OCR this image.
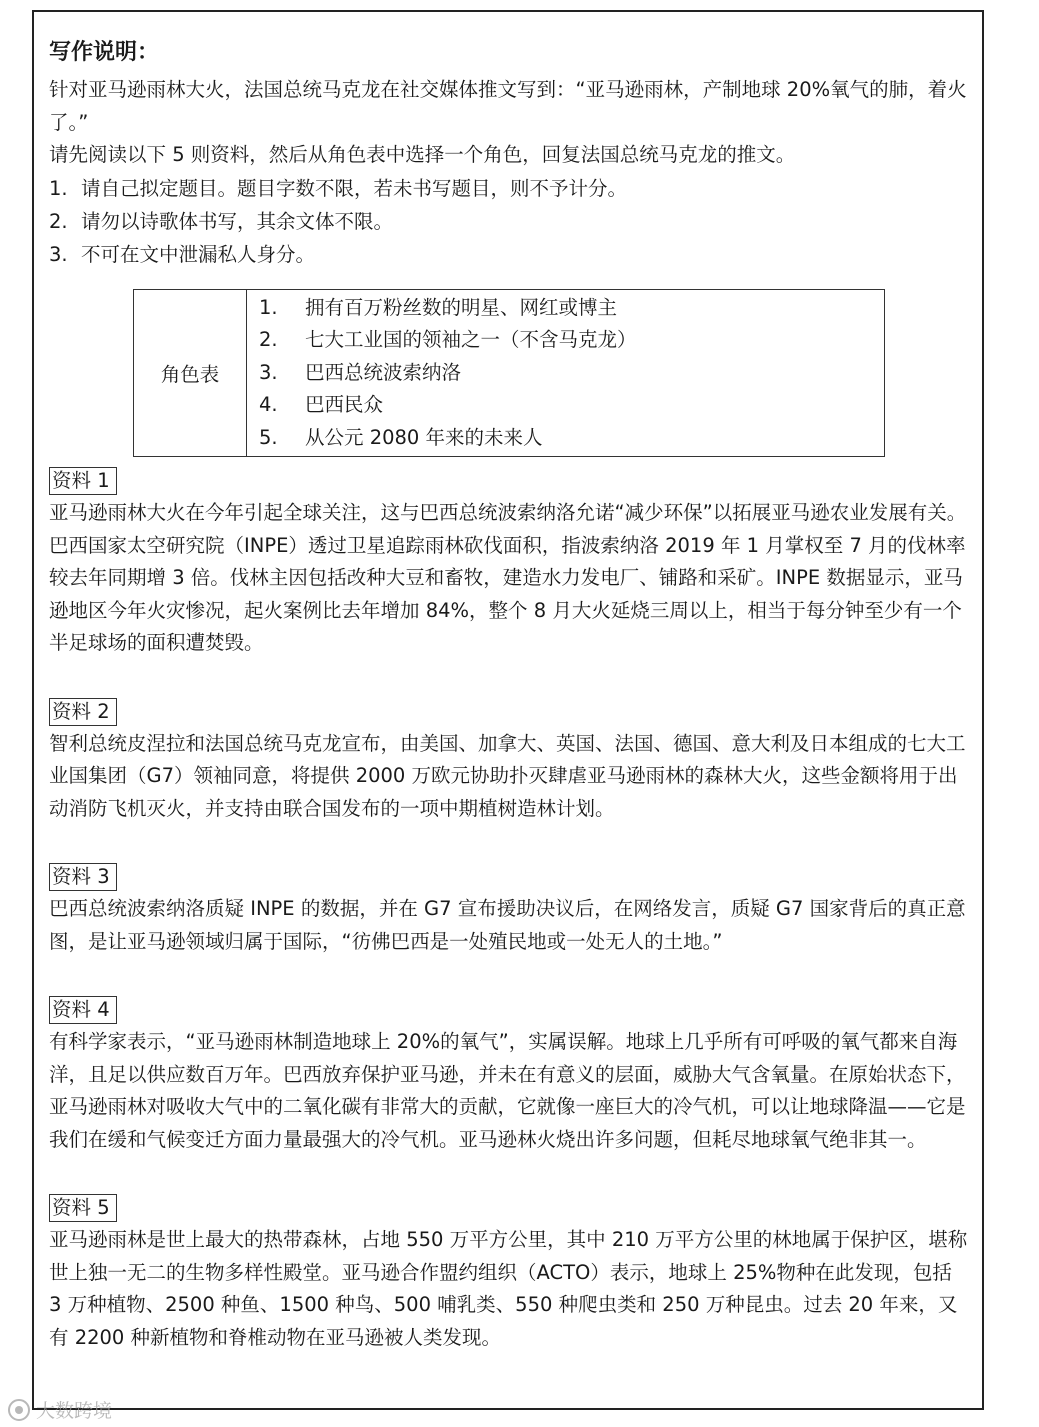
写作说明：

针对亚马逊雨林大火，法国总统马克龙在社交媒体推文写到：“亚马逊雨林，产制地球 20%氧气的肺，着火了。”

请先阅读以下 5 则资料，然后从角色表中选择一个角色，回复法国总统马克龙的推文。

1. 请自己拟定题目。题目字数不限，若未书写题目，则不予计分。
2. 请勿以诗歌体书写，其余文体不限。
3. 不可在文中泄漏私人身分。
角色表	
1.	拥有百万粉丝数的明星、网红或博主
2.	七大工业国的领袖之一（不含马克龙）
3.	巴西总统波索纳洛
4.	巴西民众
5.	从公元 2080 年来的未来人
资料 1

亚马逊雨林大火在今年引起全球关注，这与巴西总统波索纳洛允诺“减少环保”以拓展亚马逊农业发展有关。巴西国家太空研究院（INPE）透过卫星追踪雨林砍伐面积，指波索纳洛 2019 年 1 月掌权至 7 月的伐林率较去年同期增 3 倍。伐林主因包括改种大豆和畜牧，建造水力发电厂、铺路和采矿。INPE 数据显示，亚马逊地区今年火灾惨况，起火案例比去年增加 84%，整个 8 月大火延烧三周以上，相当于每分钟至少有一个半足球场的面积遭焚毁。

资料 2

智利总统皮涅拉和法国总统马克龙宣布，由美国、加拿大、英国、法国、德国、意大利及日本组成的七大工业国集团（G7）领袖同意，将提供 2000 万欧元协助扑灭肆虐亚马逊雨林的森林大火，这些金额将用于出动消防飞机灭火，并支持由联合国发布的一项中期植树造林计划。

资料 3

巴西总统波索纳洛质疑 INPE 的数据，并在 G7 宣布援助决议后，在网络发言，质疑 G7 国家背后的真正意图，是让亚马逊领域归属于国际，“彷佛巴西是一处殖民地或一处无人的土地。”

资料 4

有科学家表示，“亚马逊雨林制造地球上 20%的氧气”，实属误解。地球上几乎所有可呼吸的氧气都来自海洋，且足以供应数百万年。巴西放弃保护亚马逊，并未在有意义的层面，威胁大气含氧量。在原始状态下，亚马逊雨林对吸收大气中的二氧化碳有非常大的贡献，它就像一座巨大的冷气机，可以让地球降温——它是我们在缓和气候变迁方面力量最强大的冷气机。亚马逊林火烧出许多问题，但耗尽地球氧气绝非其一。

资料 5

亚马逊雨林是世上最大的热带森林，占地 550 万平方公里，其中 210 万平方公里的林地属于保护区，堪称世上独一无二的生物多样性殿堂。亚马逊合作盟约组织（ACTO）表示，地球上 25%物种在此发现，包括 3 万种植物、2500 种鱼、1500 种鸟、500 哺乳类、550 种爬虫类和 250 万种昆虫。过去 20 年来，又有 2200 种新植物和脊椎动物在亚马逊被人类发现。

大数跨境
